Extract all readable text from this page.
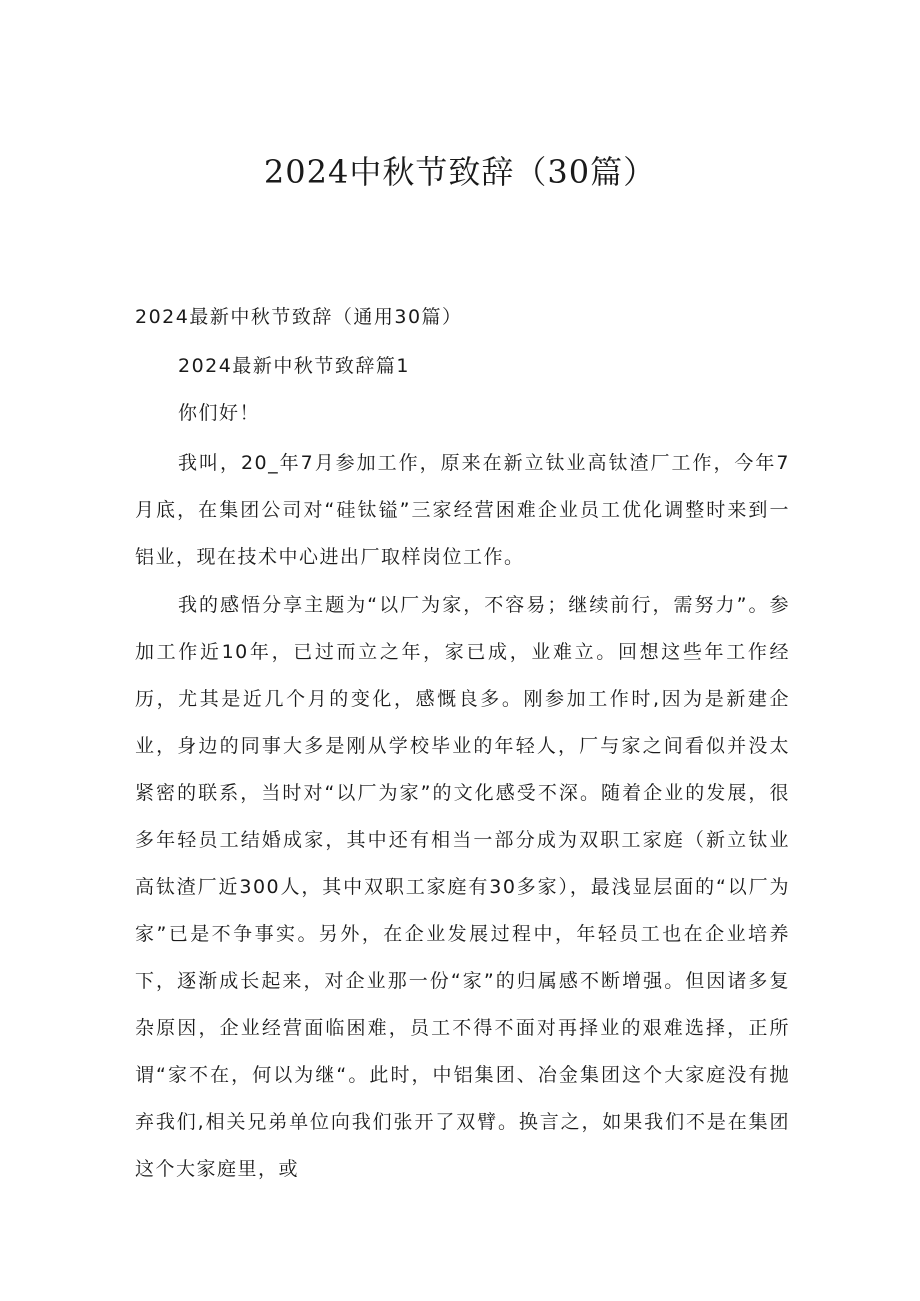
2024中秋节致辞（30篇）
2024最新中秋节致辞（通用30篇）
2024最新中秋节致辞篇1
你们好！
我叫，20_年7月参加工作，原来在新立钛业高钛渣厂工作，今年7月底，在集团公司对“硅钛镒”三家经营困难企业员工优化调整时来到一铝业，现在技术中心进出厂取样岗位工作。
我的感悟分享主题为“以厂为家，不容易；继续前行，需努力”。参加工作近10年，已过而立之年，家已成，业难立。回想这些年工作经历，尤其是近几个月的变化，感慨良多。刚参加工作时,因为是新建企业，身边的同事大多是刚从学校毕业的年轻人，厂与家之间看似并没太紧密的联系，当时对“以厂为家”的文化感受不深。随着企业的发展，很多年轻员工结婚成家，其中还有相当一部分成为双职工家庭（新立钛业高钛渣厂近300人，其中双职工家庭有30多家），最浅显层面的“以厂为家”已是不争事实。另外，在企业发展过程中，年轻员工也在企业培养下，逐渐成长起来，对企业那一份“家”的归属感不断增强。但因诸多复杂原因，企业经营面临困难，员工不得不面对再择业的艰难选择，正所谓“家不在，何以为继“。此时，中铝集团、冶金集团这个大家庭没有抛弃我们,相关兄弟单位向我们张开了双臂。换言之，如果我们不是在集团这个大家庭里，或
